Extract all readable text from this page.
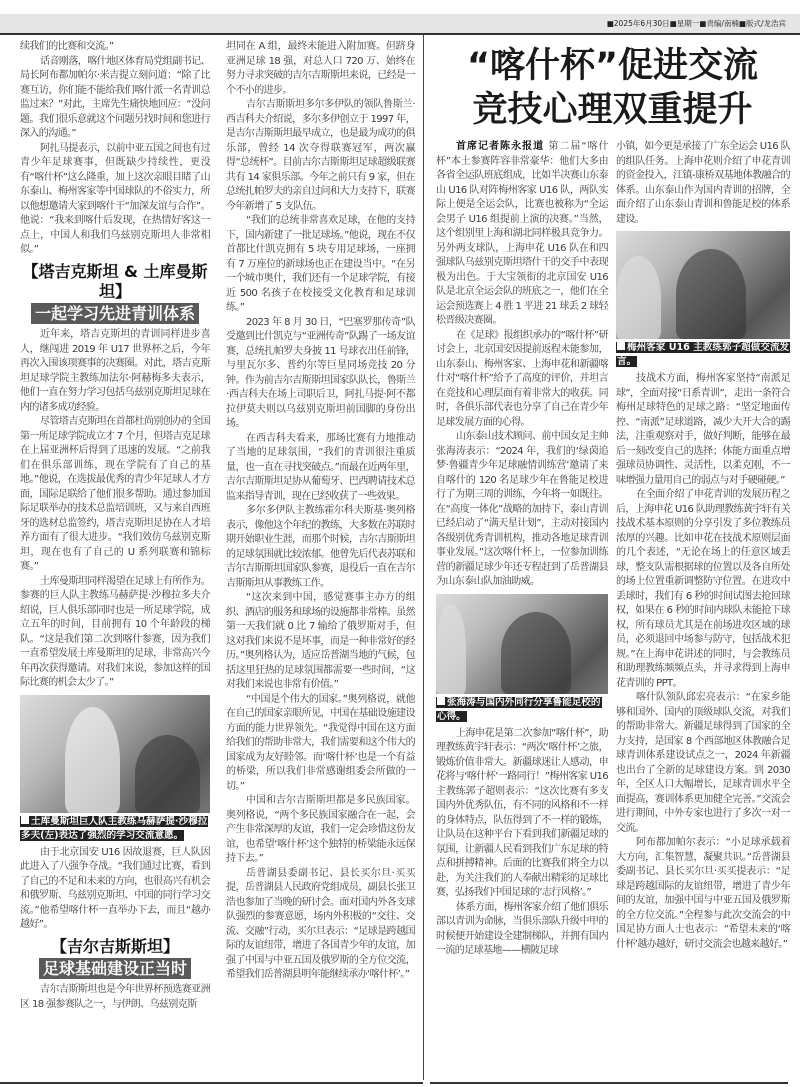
■2025年6月30日■星期一■责编/南楠■版式/龙浩宾

续我们的比赛和交流。”

话音刚落，喀什地区体育局党组副书记、局长阿布都加帕尔·米吉提立刻问道：“除了比赛互访，你们能不能给我们喀什派一名青训总监过来？”对此，主席先生痛快地回应：“没问题。我们很乐意就这个问题另找时间和您进行深入的沟通。”

阿扎马提表示，以前中亚五国之间也有过青少年足球赛事，但既缺少持续性，更没有“喀什杯”这么隆重，加上这次亲眼目睹了山东泰山、梅州客家等中国球队的不俗实力，所以他想邀请大家到喀什干“加深友谊与合作”。他说：“我来到喀什后发现，在热情好客这一点上，中国人和我们乌兹别克斯坦人非常相似。”

【塔吉克斯坦 & 土库曼斯坦】
一起学习先进青训体系

近年来，塔吉克斯坦的青训同样进步喜人，继闯进 2019 年 U17 世界杯之后，今年再次入围该项赛事的决赛圈。对此，塔吉克斯坦足球学院主教练加法尔·阿赫梅多夫表示，他们一直在努力学习包括乌兹别克斯坦足球在内的诸多成功经验。

尽管塔吉克斯坦在首都杜尚别创办的全国第一所足球学院成立才 7 个月，但塔吉克足球在上届亚洲杯后得到了迅速的发展。“之前我们在俱乐部训练，现在学院有了自己的基地。”他说，在选拔最优秀的青少年足球人才方面，国际足联给了他们很多帮助。通过参加国际足联举办的技术总监培训班，又与来自西班牙的选材总监签约，塔吉克斯坦足协在人才培养方面有了很大进步。“我们效仿乌兹别克斯坦，现在也有了自己的 U 系列联赛和锦标赛。”

土库曼斯坦同样渴望在足球上有所作为。参赛的巨人队主教练马赫萨提·沙穆拉多夫介绍说，巨人俱乐部同时也是一所足球学院，成立五年的时间，目前拥有 10 个年龄段的梯队。“这是我们第二次到喀什参赛，因为我们一直希望发展土库曼斯坦的足球，非常高兴今年再次获得邀请。对我们来说，参加这样的国际比赛的机会太少了。”

土库曼斯坦巨人队主教练马赫萨提·沙穆拉多夫(左)表达了强烈的学习交流意愿。

由于北京国安 U16 因故退赛，巨人队因此进入了八强争夺战。“我们通过比赛，看到了自己的不足和未来的方向，也很高兴有机会和俄罗斯、乌兹别克斯坦、中国的同行学习交流。”他希望喀什杯一直举办下去，而且“越办越好”。

【吉尔吉斯斯坦】
足球基础建设正当时

吉尔吉斯斯坦也是今年世界杯预选赛亚洲区 18 强参赛队之一，与伊朗、乌兹别克斯

坦同在 A 组，最终未能进入附加赛。但跻身亚洲足球 18 强，对总人口 720 万、始终在努力寻求突破的吉尔吉斯斯坦来说，已经是一个不小的进步。

吉尔吉斯斯坦多尔多伊队的领队鲁斯兰·西吉科夫介绍说，多尔多伊创立于 1997 年，是吉尔吉斯斯坦最早成立，也是最为成功的俱乐部，曾经 14 次夺得联赛冠军，两次赢得“总统杯”。目前吉尔吉斯斯坦足球超级联赛共有 14 家俱乐部。今年之前只有 9 家，但在总统扎帕罗夫的亲自过问和大力支持下，联赛今年新增了 5 支队伍。

“我们的总统非常喜欢足球，在他的支持下，国内新建了一批足球场。”他说，现在不仅首都比什凯克拥有 5 块专用足球场，一座拥有 7 万座位的新球场也正在建设当中。“在另一个城市奥什，我们还有一个足球学院，有接近 500 名孩子在校接受文化教育和足球训练。”

2023 年 8 月 30 日，“巴塞罗那传奇”队受邀到比什凯克与“亚洲传奇”队踢了一场友谊赛，总统扎帕罗夫身披 11 号球衣出任前锋，与里瓦尔多、普约尔等巨星同场竞技 20 分钟。作为前吉尔吉斯斯坦国家队队长，鲁斯兰·西吉科夫在场上司职后卫，阿扎马提·阿不都拉伊莫夫则以乌兹别克斯坦前国脚的身份出场。

在西吉科夫看来，那场比赛有力地推动了当地的足球氛围，“我们的青训很注重质量，也一直在寻找突破点。”而最在近两年里，吉尔吉斯斯坦足协从葡萄牙、巴西聘请技术总监来指导青训，现在已经收获了一些效果。

多尔多伊队主教练霍尔科夫斯基·奥列格表示，像他这个年纪的教练，大多数在苏联时期开始职业生涯，而那个时候，吉尔吉斯斯坦的足球氛围就比较浓郁。他曾先后代表苏联和吉尔吉斯斯坦国家队参赛，退役后一直在吉尔吉斯斯坦从事教练工作。

“这次来到中国，感觉赛事主办方的组织、酒店的服务和球场的设施都非常棒。虽然第一天我们就 0 比 7 输给了俄罗斯对手，但这对我们来说不是坏事，而是一种非常好的经历。”奥列格认为，适应岳普湖当地的气候，包括这里狂热的足球氛围都需要一些时间，“这对我们来说也非常有价值。”

“中国是个伟大的国家。”奥列格说，就他在自己的国家亲眼所见，中国在基础设施建设方面的能力世界领先。“我觉得中国在这方面给我们的帮助非常大，我们需要和这个伟大的国家成为友好睦邻。而‘喀什杯’也是一个有益的桥梁，所以我们非常感谢组委会所做的一切。”

中国和吉尔吉斯斯坦都是多民族国家。奥列格说，“两个多民族国家融合在一起，会产生非常深厚的友谊，我们一定会珍惜这份友谊，也希望‘喀什杯’这个独特的桥梁能永远保持下去。”

岳普湖县委副书记、县长买尔旦·买买提，岳普湖县人民政府党组成员，副县长张卫浩也参加了当晚的研讨会。面对国内外各支球队强烈的参赛意愿，场内外积极的“交往、交流、交融”行动，买尔旦表示：“足球是跨越国际的友谊纽带，增进了各国青少年的友谊，加强了中国与中亚五国及俄罗斯的全方位交流，希望我们岳普湖县明年能继续承办‘喀什杯’。”

“喀什杯”促进交流
竞技心理双重提升

首席记者陈永报道 第二届“喀什杯”本土参赛阵容非常豪华：他们大多由各省全运队班底组成，比如半决赛山东泰山 U16 队对阵梅州客家 U16 队，两队实际上便是全运会队，比赛也被称为“全运会男子 U16 组提前上演的决赛。”当然，这个组别里上海和湖北同样极具竞争力。另外两支球队，上海申花 U16 队在和四强球队乌兹别克斯坦塔什干的交手中表现极为出色。于大宝领衔的北京国安 U16 队是北京全运会队的班底之一，他们在全运会预选赛上 4 胜 1 平进 21 球丢 2 球轻松晋级决赛圈。

在《足球》报组织承办的“喀什杯”研讨会上，北京国安因提前返程未能参加，山东泰山、梅州客家、上海申花和新疆喀什对“喀什杯”给予了高度的评价，并坦言在竞技和心理层面有着非常大的收获。同时，各俱乐部代表也分享了自己在青少年足球发展方面的心得。

山东泰山技术顾问、前中国女足主帅张海涛表示：“2024 年，我们的‘绿茵追梦·鲁疆青少年足球融情训练营’邀请了来自喀什的 120 名足球少年在鲁能足校进行了为期三周的训练，今年将一如既往。在“高度一体化”战略的加持下，泰山青训已经启动了“满天星计划”，主动对接国内各级别优秀青训机构，推动各地足球青训事业发展。”这次喀什杯上，一位参加训练营的新疆足球少年还专程赶到了岳普湖县为山东泰山队加油助威。

张海涛与国内外同行分享鲁能足校的心得。

上海申花是第二次参加“喀什杯”，助理教练黄宇轩表示：“两次‘喀什杯’之旅，锻炼价值非常大。新疆球迷让人感动，申花将与‘喀什杯’一路同行！”梅州客家 U16 主教练郭子超则表示：“这次比赛有多支国内外优秀队伍，有不同的风格和不一样的身体特点，队伍得到了不一样的锻炼，让队员在这种平台下看到我们新疆足球的氛围，让新疆人民看到我们广东足球的特点和拼搏精神。后面的比赛我们将全力以赴，为关注我们的人奉献出精彩的足球比赛，弘扬我们中国足球的‘志行风格’。”

体系方面，梅州客家介绍了他们俱乐部以青训为命脉，当俱乐部队升级中甲的时候便开始建设全建制梯队，并拥有国内一流的足球基地——横陂足球

小镇，如今更是承接了广东全运会 U16 队的组队任务。上海申花则介绍了申花青训的资金投入，江镇-康桥双基地体教融合的体系。山东泰山作为国内青训的招牌，全面介绍了山东泰山青训和鲁能足校的体系建设。

梅州客家 U16 主教练郭子超做交流发言。

技战术方面，梅州客家坚持“南派足球”，全面对接“日系青训”，走出一条符合梅州足球特色的足球之路：“坚定地面传控、“南派”足球道路，减少大开大合的踢法，注重观察对手，做好判断，能够在最后一刻改变自己的选择；体能方面重点增强球员协调性、灵活性，以柔克刚，不一味增强力量用自己的弱点与对手硬碰硬。”

在全面介绍了申花青训的发展历程之后，上海申花 U16 队助理教练黄宇轩有关技战术基本原则的分享引发了多位教练员浓厚的兴趣。比如申花在技战术原则层面的几个表述，“无论在场上的任意区域丢球，整支队需根据球的位置以及各自所处的场上位置重新调整防守位置。在进攻中丢球时，我们有 6 秒的时间试图去抢回球权，如果在 6 秒的时间内球队未能抢下球权，所有球员尤其是在前场进攻区域的球员，必须退回中场参与防守，包括战术犯规。”在上海申花讲述的同时，与会教练员和助理教练频频点头，并寻求得到上海申花青训的 PPT。

喀什队领队邱宏亮表示：“在家乡能够和国外、国内的顶级球队交流，对我们的帮助非常大。新疆足球得到了国家的全力支持，是国家 8 个西部地区体教融合足球青训体系建设试点之一，2024 年新疆也出台了全新的足球建设方案。到 2030 年，全区人口大幅增长，足球青训水平全面提高，赛训体系更加健全完善。”交流会进行期间，中外专家也进行了多次一对一交流。

阿布都加帕尔表示：“小足球承载着大方向，汇集智慧，凝聚共识。”岳普湖县委副书记、县长买尔旦·买买提表示：“足球是跨越国际的友谊纽带，增进了青少年间的友谊，加强中国与中亚五国及俄罗斯的全方位交流。”全程参与此次交流会的中国足协方面人士也表示：“希望未来的‘喀什杯’越办越好，研讨交流会也越来越好。”
